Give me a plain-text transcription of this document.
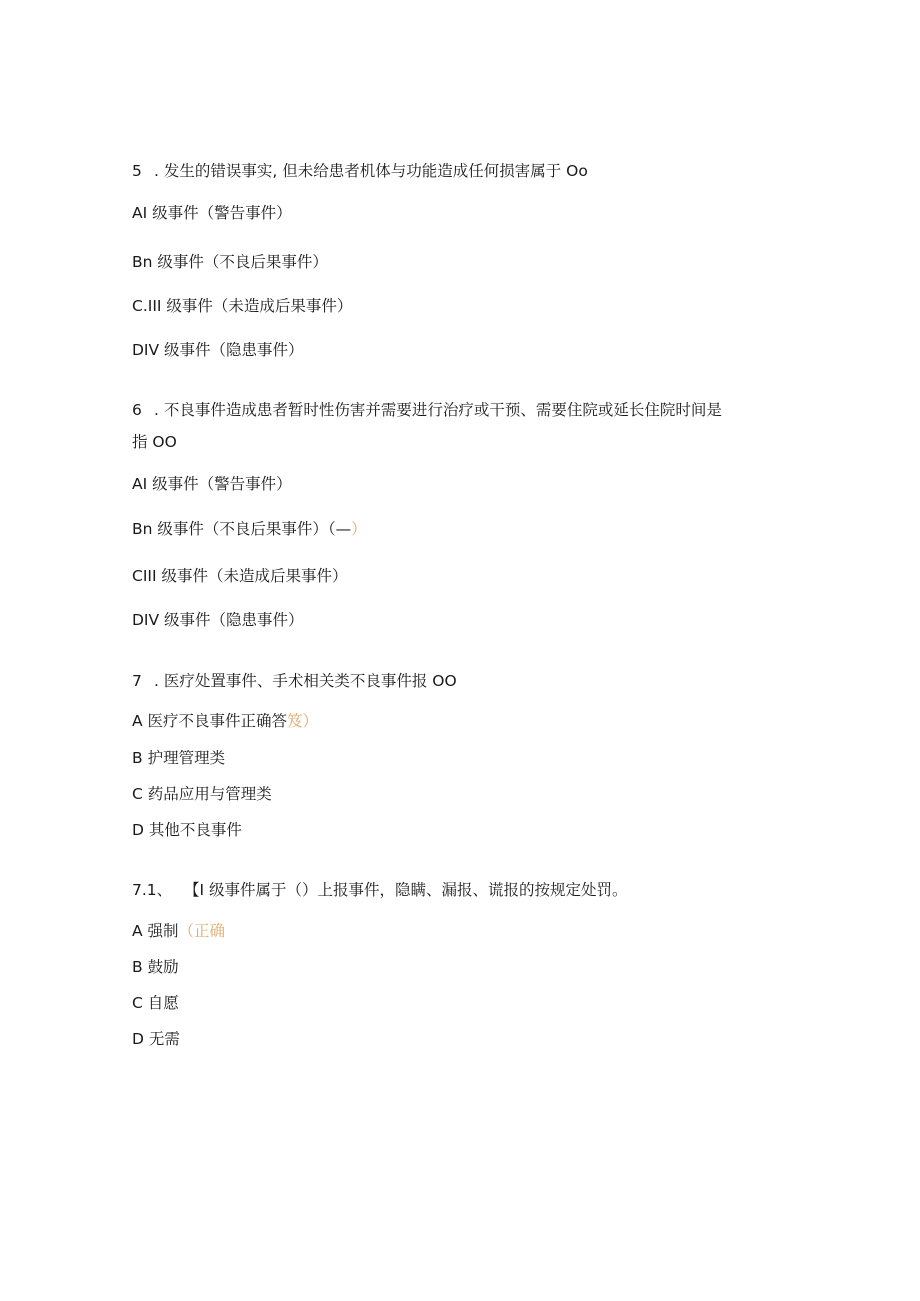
5 . 发生的错误事实, 但未给患者机体与功能造成任何损害属于 Oo
AI 级事件（警告事件）
Bn 级事件（不良后果事件）
C.III 级事件（未造成后果事件）
DIV 级事件（隐患事件）
6 . 不良事件造成患者暂时性伤害并需要进行治疗或干预、需要住院或延长住院时间是
指 OO
AI 级事件（警告事件）
Bn 级事件（不良后果事件）（—）
CIII 级事件（未造成后果事件）
DIV 级事件（隐患事件）
7 . 医疗处置事件、手术相关类不良事件报 OO
A 医疗不良事件正确答笈）
B 护理管理类
C 药品应用与管理类
D 其他不良事件
7.1、 【I 级事件属于（）上报事件，隐瞒、漏报、谎报的按规定处罚。
A 强制（正确
B 鼓励
C 自愿
D 无需
